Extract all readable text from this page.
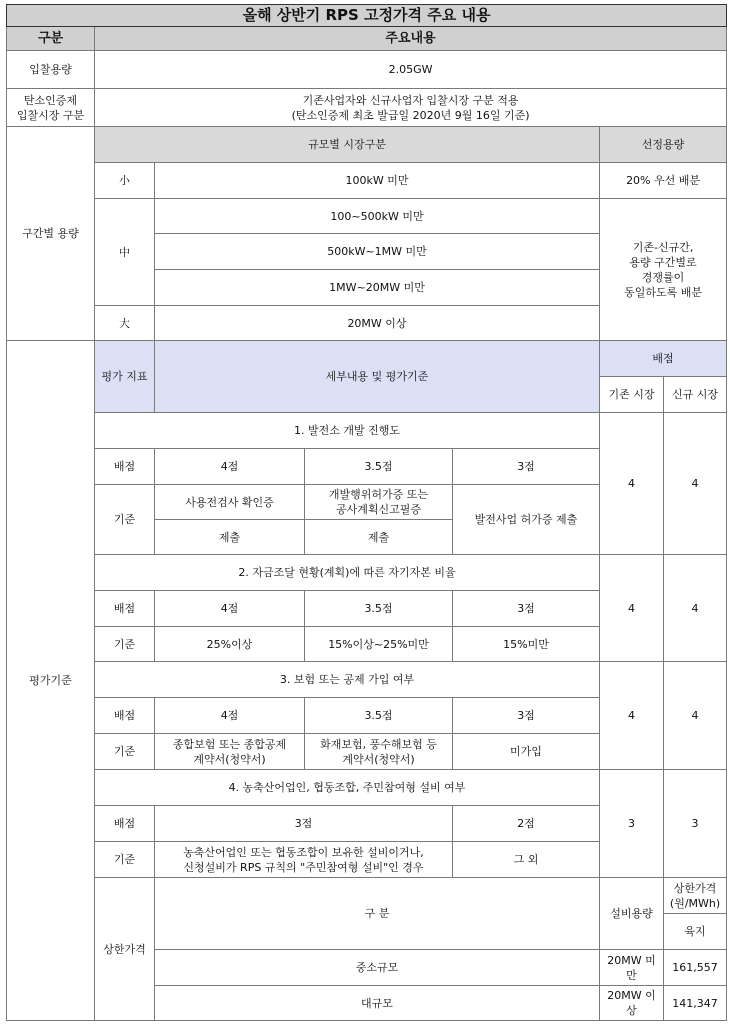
올해 상반기 RPS 고정가격 주요 내용							
구분	주요내용						
입찰용량	2.05GW						

탄소인증제
입찰시장 구분	기존사업자와 신규사업자 입찰시장 구분 적용
(탄소인증제 최초 발급일 2020년 9월 16일 기준)						

구간별 용량	규모별 시장구분				선정용량		
	小	100kW 미만			20% 우선 배분		
	中	100~500kW 미만			기존-신규간,
용량 구간별로
경쟁률이
동일하도록 배분		

		500kW~1MW 미만					
		1MW~20MW 미만					
	大	20MW 이상					
평가기준	평가 지표	세부내용 및 평가기준			배점		
					기존 시장	신규 시장	
	1. 발전소 개발 진행도				4	4	
	배점	4점	3.5점	3점			
	기준	사용전검사 확인증	개발행위허가증 또는
공사계획신고필증	발전사업 허가증 제출			
		제출	제출				
	2. 자금조달 현황(계획)에 따른 자기자본 비율				4	4	
	배점	4점	3.5점	3점			
	기준	25%이상	15%이상~25%미만	15%미만			
	3. 보험 또는 공제 가입 여부				4	4	
	배점	4점	3.5점	3점			
	기준	종합보험 또는 종합공제
계약서(청약서)	화재보험, 풍수해보험 등
계약서(청약서)	미가입			
	4. 농축산어업인, 협동조합, 주민참여형 설비 여부				3	3	
	배점	3점		2점			
	기준	농축산어업인 또는 협동조합이 보유한 설비이거나,
신청설비가 RPS 규칙의 "주민참여형 설비"인 경우		그 외			
	상한가격	구 분			설비용량	상한가격(원/MWh)	
						육지	
		중소규모			20MW 미만	161,557	
		대규모			20MW 이상	141,347	
